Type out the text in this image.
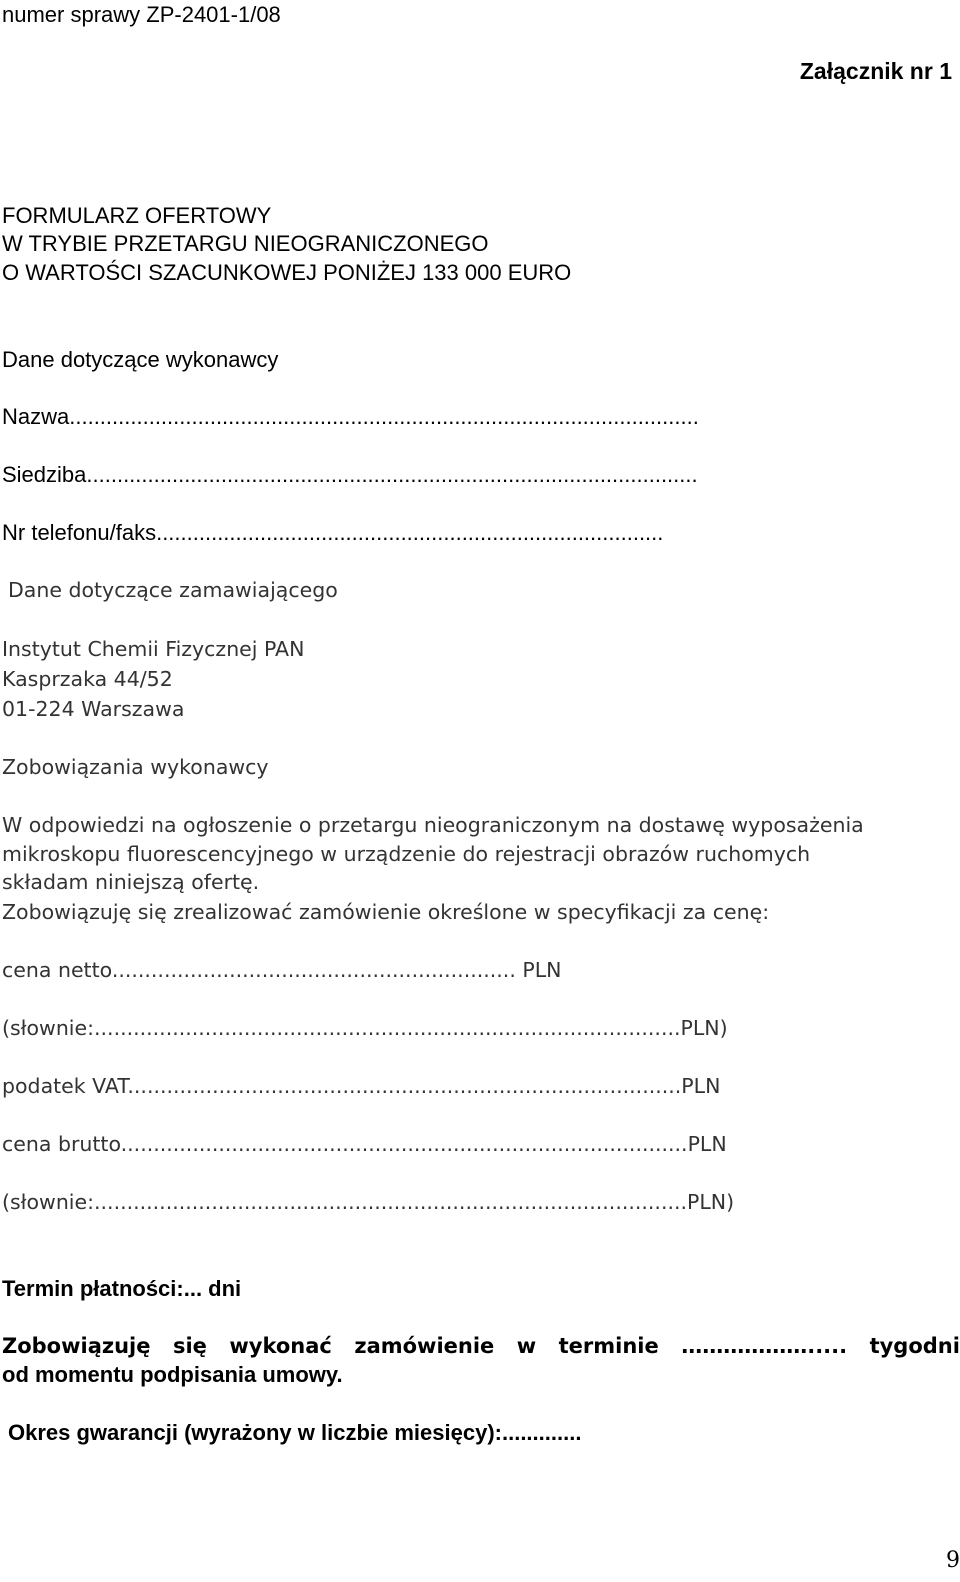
numer sprawy ZP-2401-1/08
Załącznik nr 1
FORMULARZ OFERTOWY
W TRYBIE PRZETARGU NIEOGRANICZONEGO
O WARTOŚCI SZACUNKOWEJ PONIŻEJ 133 000 EURO
Dane dotyczące wykonawcy
Nazwa.......................................................................................................
Siedziba....................................................................................................
Nr telefonu/faks...................................................................................
Dane dotyczące zamawiającego
Instytut Chemii Fizycznej PAN
Kasprzaka 44/52
01-224 Warszawa
Zobowiązania wykonawcy
W odpowiedzi na ogłoszenie o przetargu nieograniczonym na dostawę wyposażenia
mikroskopu fluorescencyjnego w urządzenie do rejestracji obrazów ruchomych
składam niniejszą ofertę.
Zobowiązuję się zrealizować zamówienie określone w specyfikacji za cenę:
cena netto.............................................................. PLN
(słownie:..........................................................................................PLN)
podatek VAT.....................................................................................PLN
cena brutto.......................................................................................PLN
(słownie:...........................................................................................PLN)
Termin płatności:... dni
Zobowiązuję się wykonać zamówienie w terminie ………………..... tygodni
od momentu podpisania umowy.
Okres gwarancji (wyrażony w liczbie miesięcy):.............
9
